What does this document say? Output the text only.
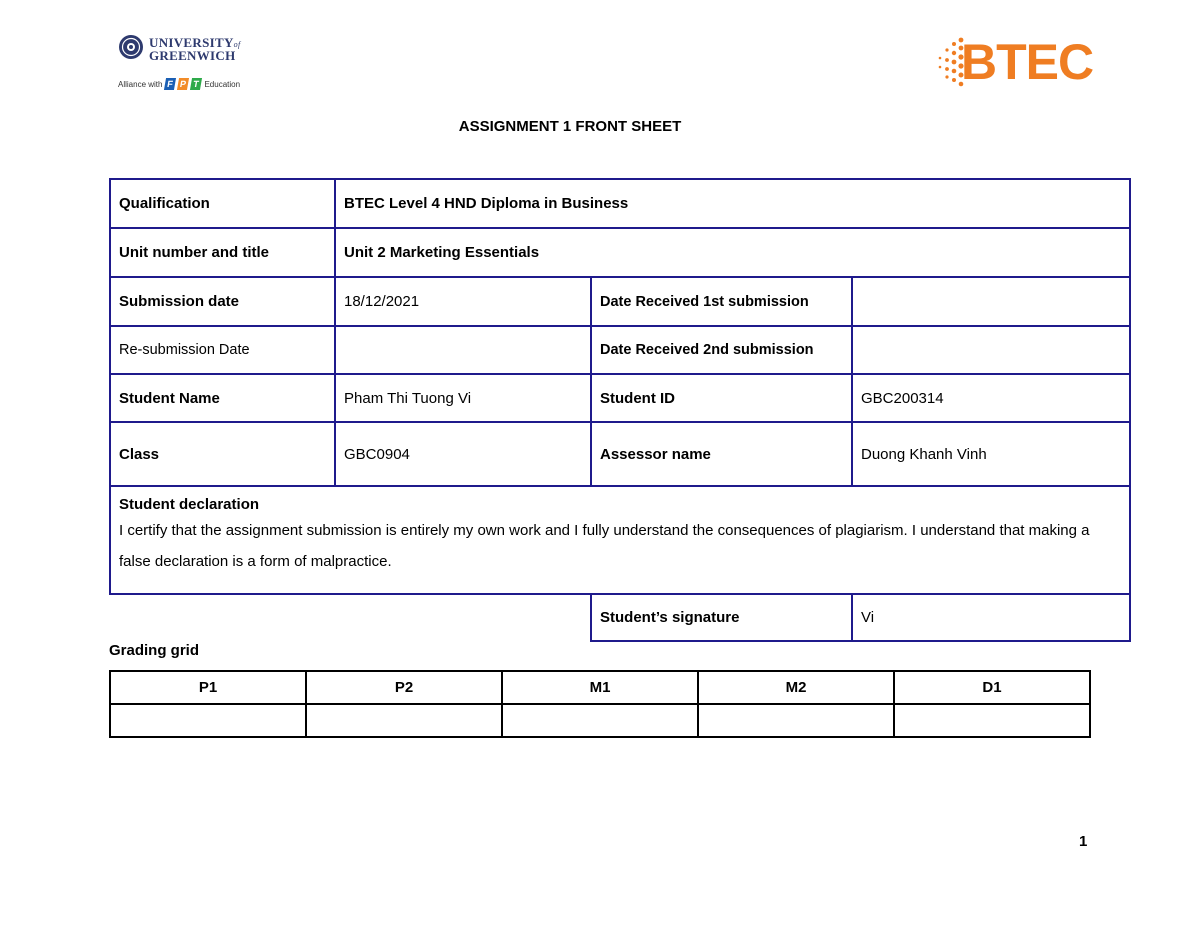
UNIVERSITYof
GREENWICH
Alliance with F P T Education	BTEC
ASSIGNMENT 1 FRONT SHEET
Qualification	BTEC Level 4 HND Diploma in Business		
Unit number and title	Unit 2 Marketing Essentials		
Submission date	18/12/2021	Date Received 1st submission	
Re-submission Date		Date Received 2nd submission	
Student Name	Pham Thi Tuong Vi	Student ID	GBC200314
Class	GBC0904	Assessor name	Duong Khanh Vinh

Student declaration
I certify that the assignment submission is entirely my own work and I fully understand the consequences of plagiarism. I understand that making a false declaration is a form of malpractice.			

		Student’s signature	Vi
Grading grid
P1	P2	M1	M2	D1

1
